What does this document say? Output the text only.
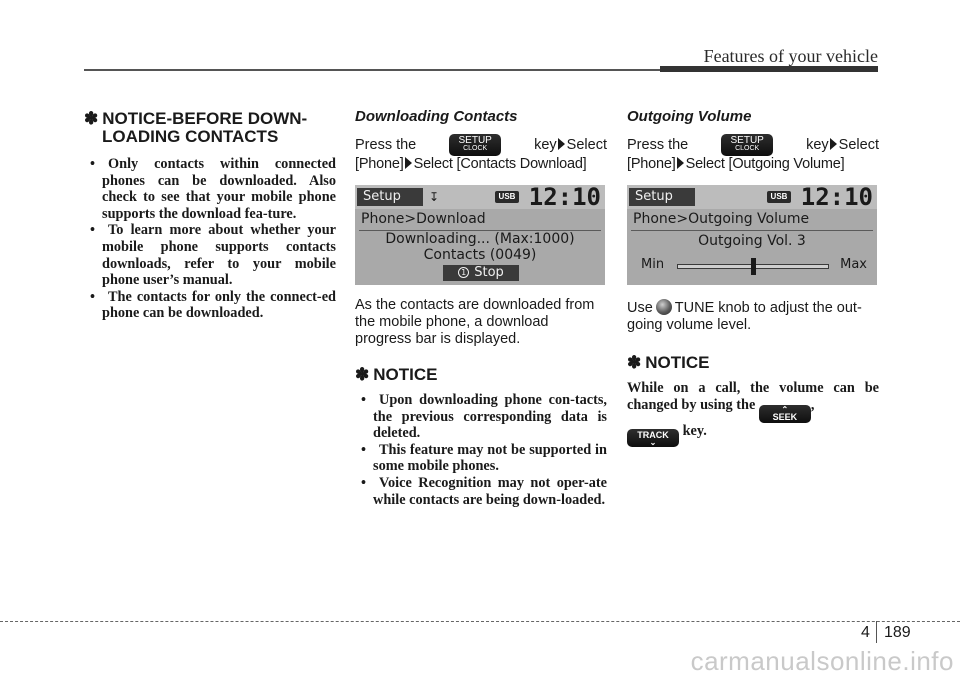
Features of your vehicle
✽ NOTICE-BEFORE DOWN-
LOADING CONTACTS
• Only contacts within connected phones can be downloaded. Also check to see that your mobile phone supports the download fea-ture.
• To learn more about whether your mobile phone supports contacts downloads, refer to your mobile phone user’s manual.
• The contacts for only the connect-ed phone can be downloaded.
Downloading Contacts
Press the	SETUP
CLOCK	key Select
[Phone] Select [Contacts Download]
Setup	↧	USB 12:10
Phone>Download
Downloading... (Max:1000)
Contacts (0049)
1 Stop
As the contacts are downloaded from the mobile phone, a download progress bar is displayed.
✽ NOTICE
• Upon downloading phone con-tacts, the previous corresponding data is deleted.
• This feature may not be supported in some mobile phones.
• Voice Recognition may not oper-ate while contacts are being down-loaded.
Outgoing Volume
Press the	SETUP
CLOCK	key Select
[Phone] Select [Outgoing Volume]
Setup	USB 12:10
Phone>Outgoing Volume
Outgoing Vol. 3
Min	Max
Use TUNE knob to adjust the out-
going volume level.
✽ NOTICE
While on a call, the volume can be changed by using the	⌃
SEEK
,

TRACK
⌄
key.
4 189
carmanualsonline.info
